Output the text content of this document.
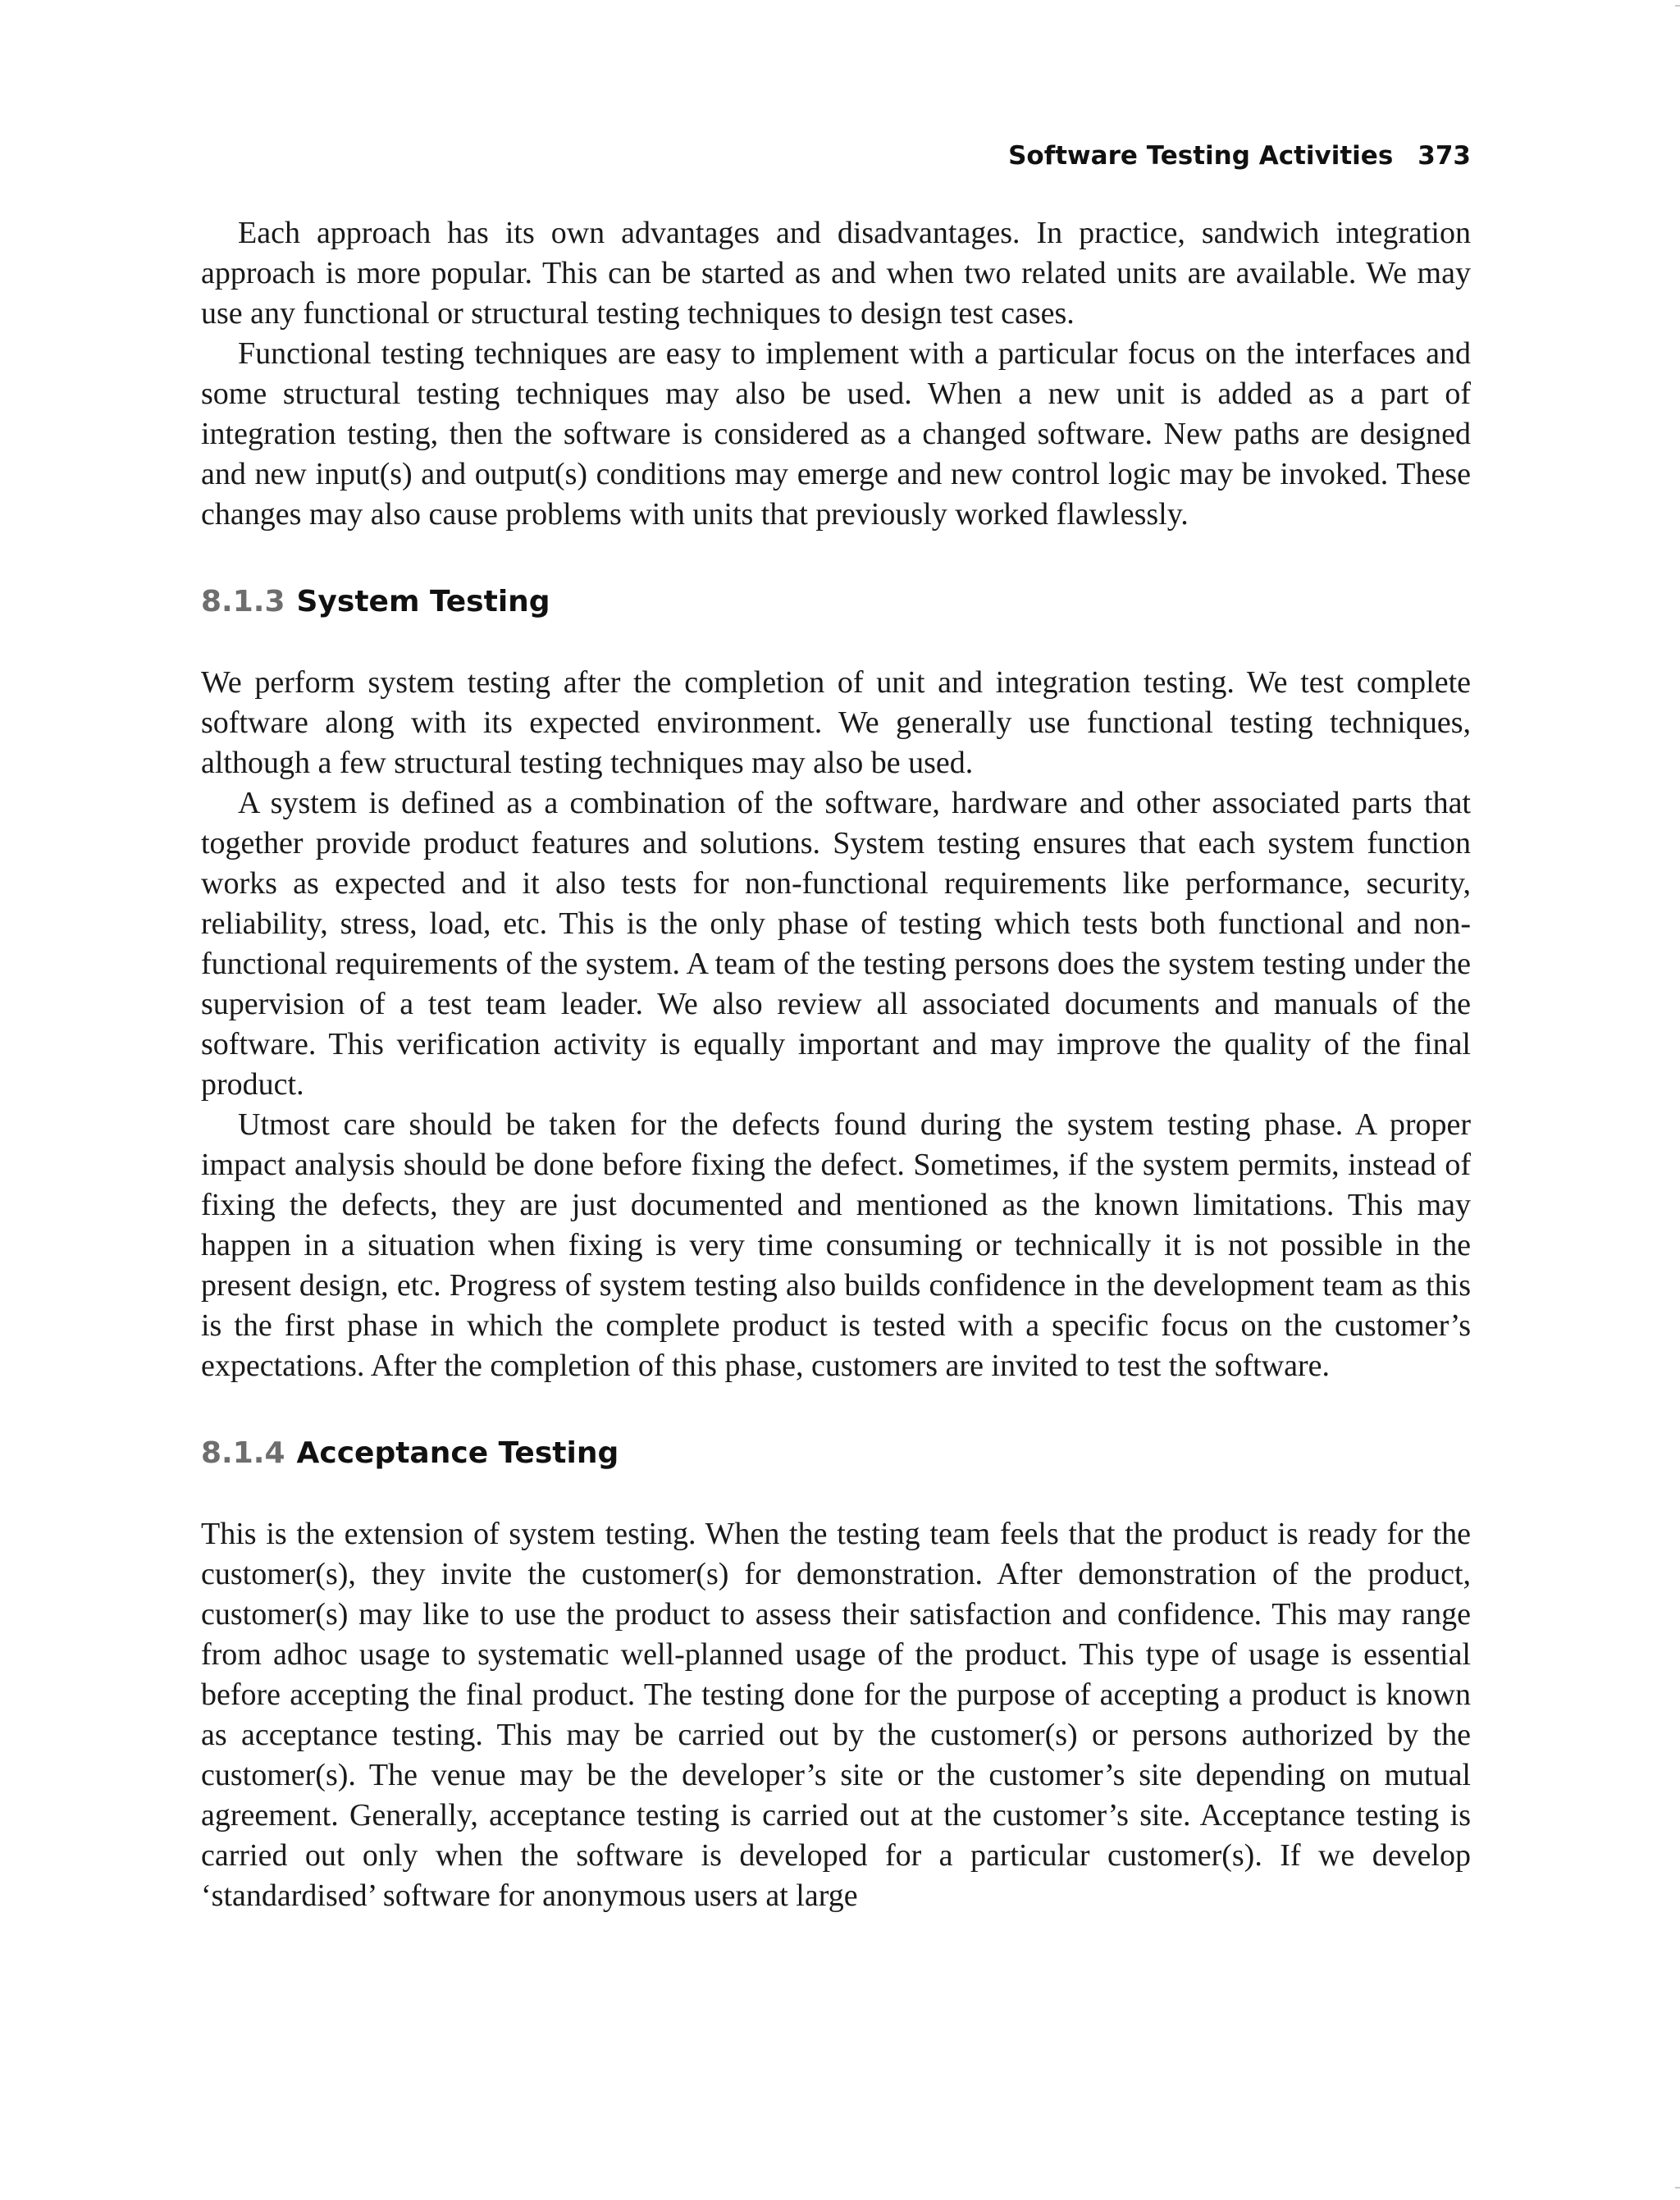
Software Testing Activities 373

Each approach has its own advantages and disadvantages. In practice, sandwich integration approach is more popular. This can be started as and when two related units are available. We may use any functional or structural testing techniques to design test cases.

Functional testing techniques are easy to implement with a particular focus on the interfaces and some structural testing techniques may also be used. When a new unit is added as a part of integration testing, then the software is considered as a changed software. New paths are designed and new input(s) and output(s) conditions may emerge and new control logic may be invoked. These changes may also cause problems with units that previously worked flawlessly.

8.1.3 System Testing

We perform system testing after the completion of unit and integration testing. We test complete software along with its expected environment. We generally use functional testing techniques, although a few structural testing techniques may also be used.

A system is defined as a combination of the software, hardware and other associated parts that together provide product features and solutions. System testing ensures that each system function works as expected and it also tests for non-functional requirements like performance, security, reliability, stress, load, etc. This is the only phase of testing which tests both functional and non-functional requirements of the system. A team of the testing persons does the system testing under the supervision of a test team leader. We also review all associated documents and manuals of the software. This verification activity is equally important and may improve the quality of the final product.

Utmost care should be taken for the defects found during the system testing phase. A proper impact analysis should be done before fixing the defect. Sometimes, if the system permits, instead of fixing the defects, they are just documented and mentioned as the known limitations. This may happen in a situation when fixing is very time consuming or technically it is not possible in the present design, etc. Progress of system testing also builds confidence in the development team as this is the first phase in which the complete product is tested with a specific focus on the customer’s expectations. After the completion of this phase, customers are invited to test the software.

8.1.4 Acceptance Testing

This is the extension of system testing. When the testing team feels that the product is ready for the customer(s), they invite the customer(s) for demonstration. After demonstration of the product, customer(s) may like to use the product to assess their satisfaction and confidence. This may range from adhoc usage to systematic well-planned usage of the product. This type of usage is essential before accepting the final product. The testing done for the purpose of accepting a product is known as acceptance testing. This may be carried out by the customer(s) or persons authorized by the customer(s). The venue may be the developer’s site or the customer’s site depending on mutual agreement. Generally, acceptance testing is carried out at the customer’s site. Acceptance testing is carried out only when the software is developed for a particular customer(s). If we develop ‘standardised’ software for anonymous users at large
